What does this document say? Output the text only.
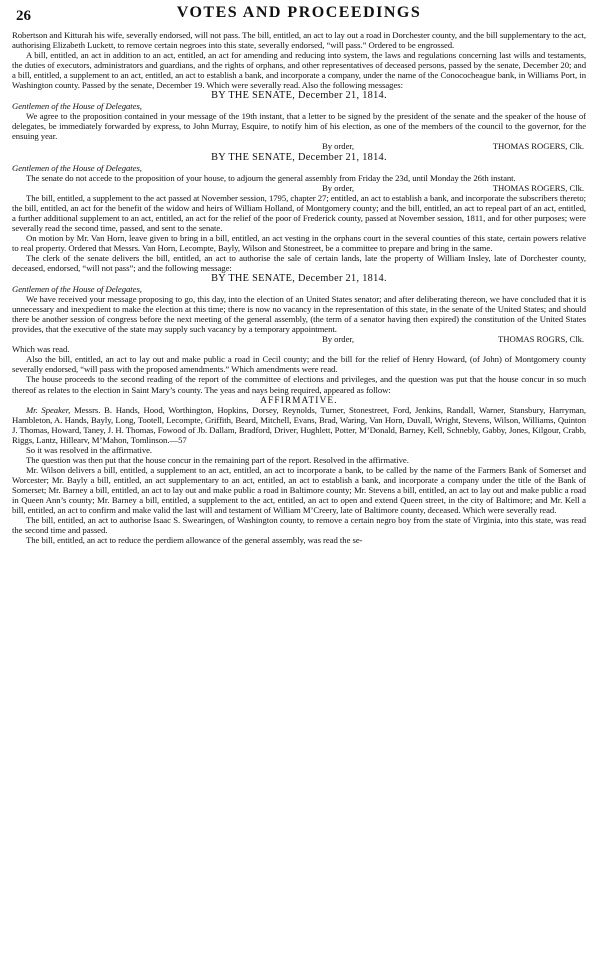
26	VOTES AND PROCEEDINGS

Robertson and Kitturah his wife, severally endorsed, will not pass. The bill, entitled, an act to lay out a road in Dorchester county, and the bill supplementary to the act, authorising Elizabeth Luckett, to remove certain negroes into this state, severally endorsed, “will pass.” Ordered to be engrossed.

A bill, entitled, an act in addition to an act, entitled, an act for amending and reducing into system, the laws and regulations concerning last wills and testaments, the duties of executors, administrators and guardians, and the rights of orphans, and other representatives of deceased persons, passed by the senate, December 20; and a bill, entitled, a supplement to an act, entitled, an act to establish a bank, and incorporate a company, under the name of the Conococheague bank, in Williams Port, in Washington county. Passed by the senate, December 19. Which were severally read. Also the following messages:

BY THE SENATE, December 21, 1814.
Gentlemen of the House of Delegates,

We agree to the proposition contained in your message of the 19th instant, that a letter to be signed by the president of the senate and the speaker of the house of delegates, be immediately forwarded by express, to John Murray, Esquire, to notify him of his election, as one of the members of the council to the governor, for the ensuing year.

By order,	THOMAS ROGERS, Clk.
BY THE SENATE, December 21, 1814.
Gentlemen of the House of Delegates,

The senate do not accede to the proposition of your house, to adjourn the general assembly from Friday the 23d, until Monday the 26th instant.

By order,	THOMAS ROGERS, Clk.

The bill, entitled, a supplement to the act passed at November session, 1795, chapter 27; entitled, an act to establish a bank, and incorporate the subscribers thereto; the bill, entitled, an act for the benefit of the widow and heirs of William Holland, of Montgomery county; and the bill, entitled, an act to repeal part of an act, entitled, a further additional supplement to an act, entitled, an act for the relief of the poor of Frederick county, passed at November session, 1811, and for other purposes; were severally read the second time, passed, and sent to the senate.

On motion by Mr. Van Horn, leave given to bring in a bill, entitled, an act vesting in the orphans court in the several counties of this state, certain powers relative to real property. Ordered that Messrs. Van Horn, Lecompte, Bayly, Wilson and Stonestreet, be a committee to prepare and bring in the same.

The clerk of the senate delivers the bill, entitled, an act to authorise the sale of certain lands, late the property of William Insley, late of Dorchester county, deceased, endorsed, “will not pass”; and the following message:

BY THE SENATE, December 21, 1814.
Gentlemen of the House of Delegates,

We have received your message proposing to go, this day, into the election of an United States senator; and after deliberating thereon, we have concluded that it is unnecessary and inexpedient to make the election at this time; there is now no vacancy in the representation of this state, in the senate of the United States; and should there be another session of congress before the next meeting of the general assembly, (the term of a senator having then expired) the constitution of the United States provides, that the executive of the state may supply such vacancy by a temporary appointment.

By order,	THOMAS ROGRS, Clk.

Which was read.

Also the bill, entitled, an act to lay out and make public a road in Cecil county; and the bill for the relief of Henry Howard, (of John) of Montgomery county severally endorsed, “will pass with the proposed amendments.” Which amendments were read.

The house proceeds to the second reading of the report of the committee of elections and privileges, and the question was put that the house concur in so much thereof as relates to the election in Saint Mary’s county. The yeas and nays being required, appeared as follow:

AFFIRMATIVE.

Mr. Speaker, Messrs. B. Hands, Hood, Worthington, Hopkins, Dorsey, Reynolds, Turner, Stonestreet, Ford, Jenkins, Randall, Warner, Stansbury, Harryman, Hambleton, A. Hands, Bayly, Long, Tootell, Lecompte, Griffith, Beard, Mitchell, Evans, Brad, Waring, Van Horn, Duvall, Wright, Stevens, Wilson, Williams, Quinton J. Thomas, Howard, Taney, J. H. Thomas, Fowood of Jb. Dallam, Bradford, Driver, Hughlett, Potter, M’Donald, Barney, Kell, Schnebly, Gabby, Jones, Kilgour, Crabb, Riggs, Lantz, Hillearv, M’Mahon, Tomlinson.—57

So it was resolved in the affirmative.

The question was then put that the house concur in the remaining part of the report. Resolved in the affirmative.

Mr. Wilson delivers a bill, entitled, a supplement to an act, entitled, an act to incorporate a bank, to be called by the name of the Farmers Bank of Somerset and Worcester; Mr. Bayly a bill, entitled, an act supplementary to an act, entitled, an act to establish a bank, and incorporate a company under the title of the Bank of Somerset; Mr. Barney a bill, entitled, an act to lay out and make public a road in Baltimore county; Mr. Stevens a bill, entitled, an act to lay out and make public a road in Queen Ann’s county; Mr. Barney a bill, entitled, a supplement to the act, entitled, an act to open and extend Queen street, in the city of Baltimore; and Mr. Kell a bill, entitled, an act to confirm and make valid the last will and testament of William M’Creery, late of Baltimore county, deceased. Which were severally read.

The bill, entitled, an act to authorise Isaac S. Swearingen, of Washington county, to remove a certain negro boy from the state of Virginia, into this state, was read the second time and passed.

The bill, entitled, an act to reduce the perdiem allowance of the general assembly, was read the se-
